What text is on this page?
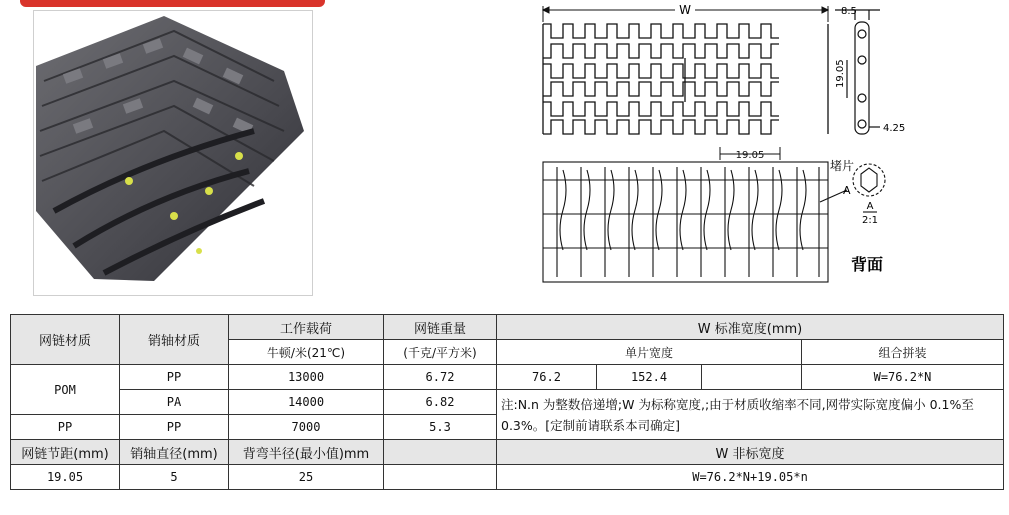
W	8.5
19.05
4.25
19.05
堵片
A
A
2:1
背面
网链材质	销轴材质	工作载荷	网链重量	W 标准宽度(mm)			
		牛顿/米(21℃)	(千克/平方米)	单片宽度			组合拼装
POM	PP	13000	6.72	76.2	152.4		W=76.2*N
	PA	14000	6.82	注:N.n 为整数倍递增;W 为标称宽度,;由于材质收缩率不同,网带实际宽度偏小 0.1%至 0.3%。[定制前请联系本司确定]			
PP	PP	7000	5.3				
网链节距(mm)	销轴直径(mm)	背弯半径(最小值)mm		W 非标宽度			
19.05	5	25		W=76.2*N+19.05*n			
